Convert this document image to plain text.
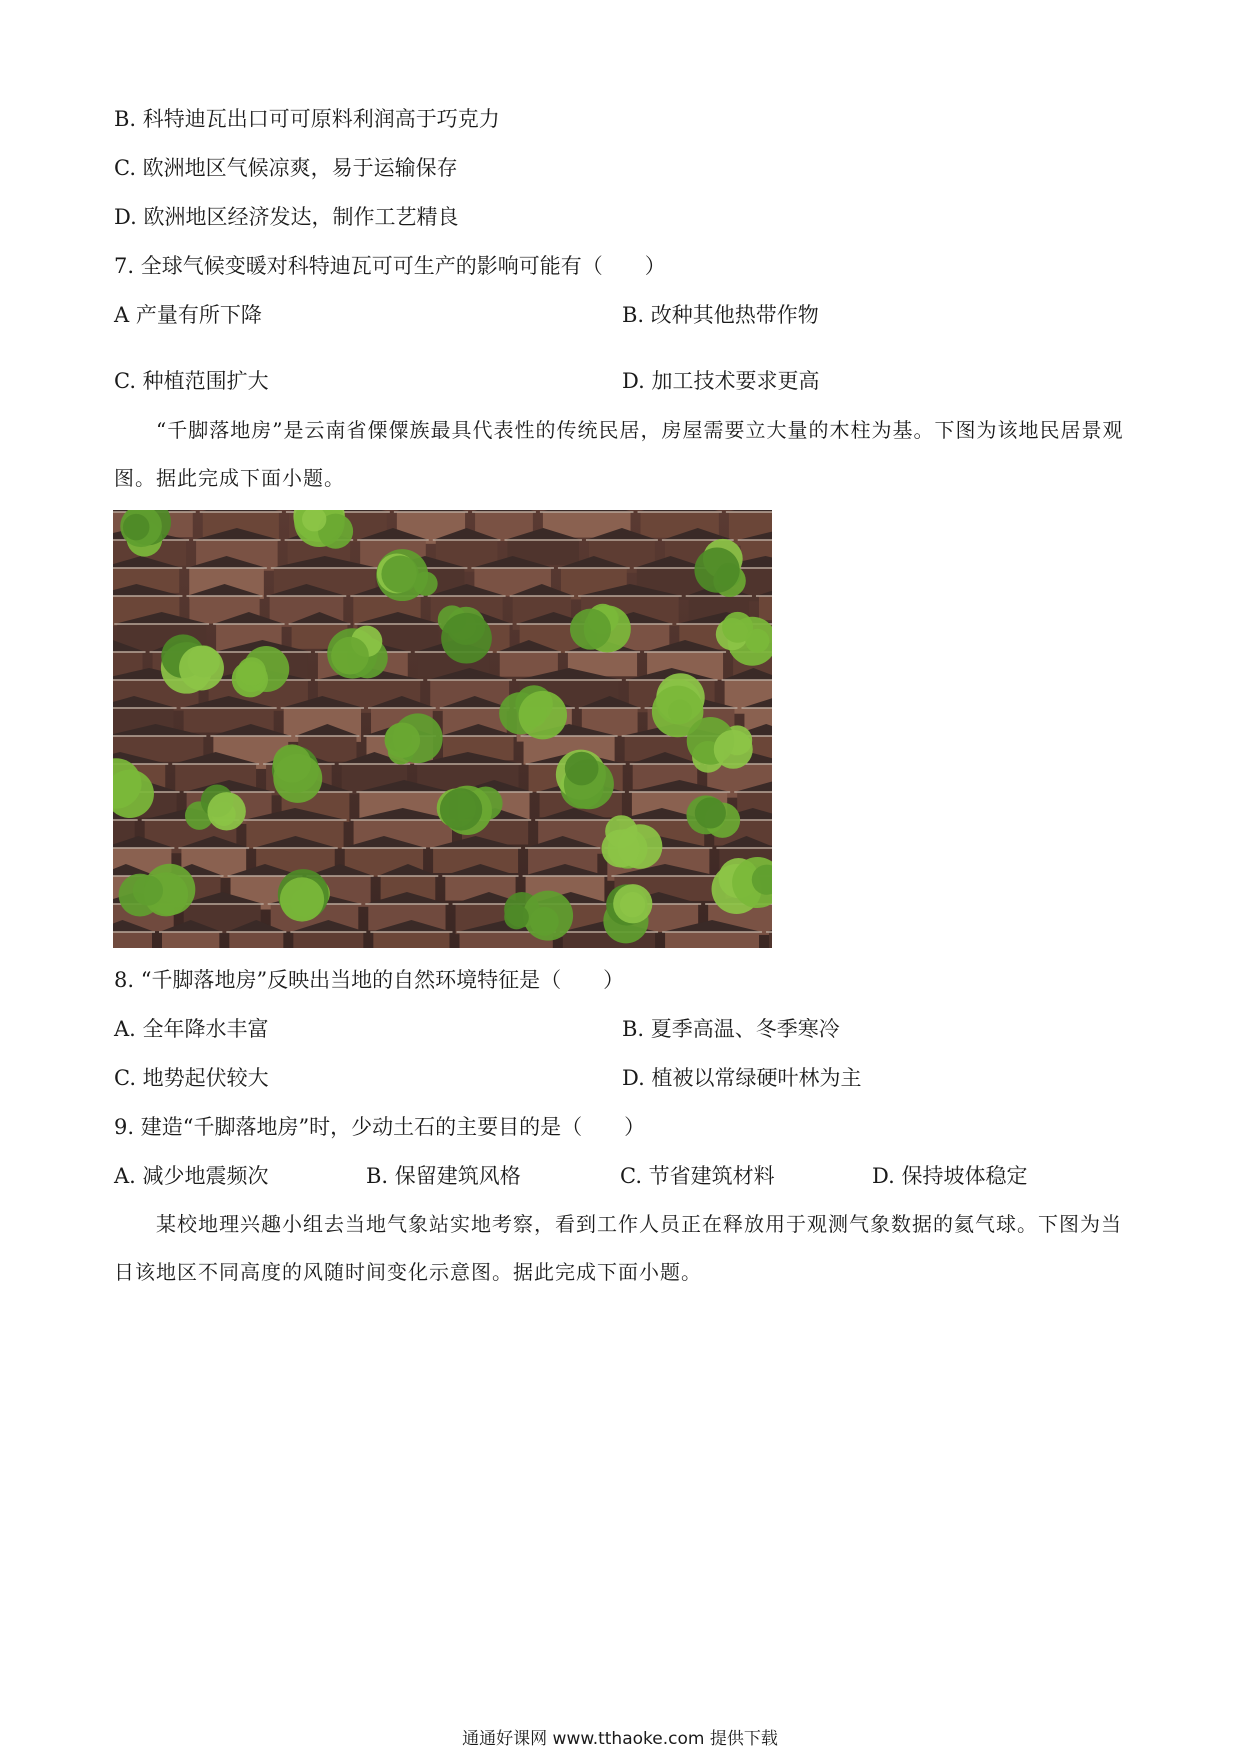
B. 科特迪瓦出口可可原料利润高于巧克力
C. 欧洲地区气候凉爽，易于运输保存
D. 欧洲地区经济发达，制作工艺精良
7. 全球气候变暖对科特迪瓦可可生产的影响可能有（　　）
A 产量有所下降	B. 改种其他热带作物
C. 种植范围扩大	D. 加工技术要求更高
“千脚落地房”是云南省傈僳族最具代表性的传统民居，房屋需要立大量的木柱为基。下图为该地民居景观图。据此完成下面小题。
8. “千脚落地房”反映出当地的自然环境特征是（　　）
A. 全年降水丰富	B. 夏季高温、冬季寒冷
C. 地势起伏较大	D. 植被以常绿硬叶林为主
9. 建造“千脚落地房”时，少动土石的主要目的是（　　）
A. 减少地震频次	B. 保留建筑风格	C. 节省建筑材料	D. 保持坡体稳定
某校地理兴趣小组去当地气象站实地考察，看到工作人员正在释放用于观测气象数据的氦气球。下图为当日该地区不同高度的风随时间变化示意图。据此完成下面小题。
通通好课网 www.tthaoke.com 提供下载
